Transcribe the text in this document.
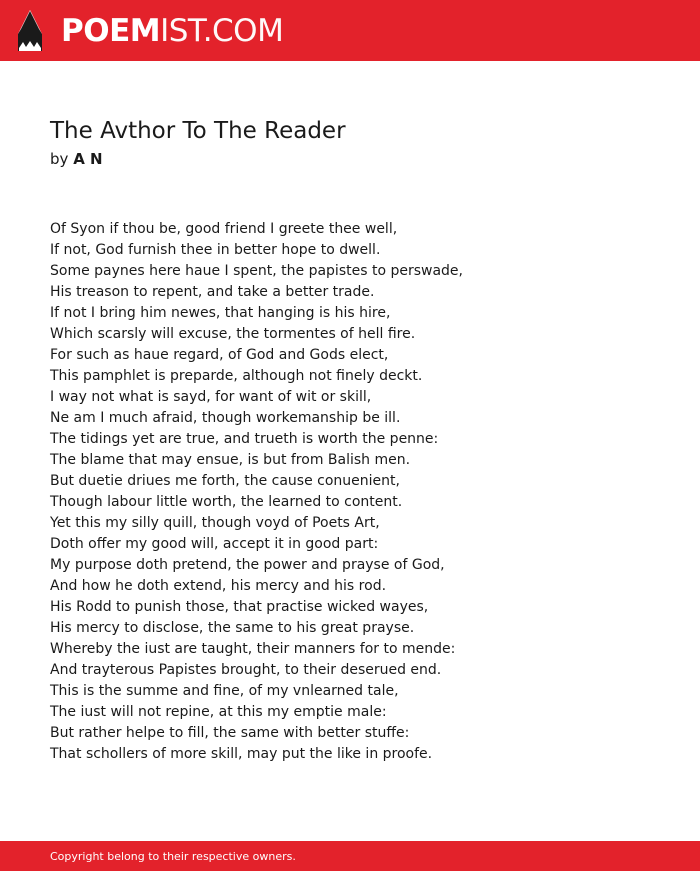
POEMIST.COM
The Avthor To The Reader
by A N
Of Syon if thou be, good friend I greete thee well,
If not, God furnish thee in better hope to dwell.
Some paynes here haue I spent, the papistes to perswade,
His treason to repent, and take a better trade.
If not I bring him newes, that hanging is his hire,
Which scarsly will excuse, the tormentes of hell fire.
For such as haue regard, of God and Gods elect,
This pamphlet is preparde, although not finely deckt.
I way not what is sayd, for want of wit or skill,
Ne am I much afraid, though workemanship be ill.
The tidings yet are true, and trueth is worth the penne:
The blame that may ensue, is but from Balish men.
But duetie driues me forth, the cause conuenient,
Though labour little worth, the learned to content.
Yet this my silly quill, though voyd of Poets Art,
Doth offer my good will, accept it in good part:
My purpose doth pretend, the power and prayse of God,
And how he doth extend, his mercy and his rod.
His Rodd to punish those, that practise wicked wayes,
His mercy to disclose, the same to his great prayse.
Whereby the iust are taught, their manners for to mende:
And trayterous Papistes brought, to their deserued end.
This is the summe and fine, of my vnlearned tale,
The iust will not repine, at this my emptie male:
But rather helpe to fill, the same with better stuffe:
That schollers of more skill, may put the like in proofe.
Copyright belong to their respective owners.
